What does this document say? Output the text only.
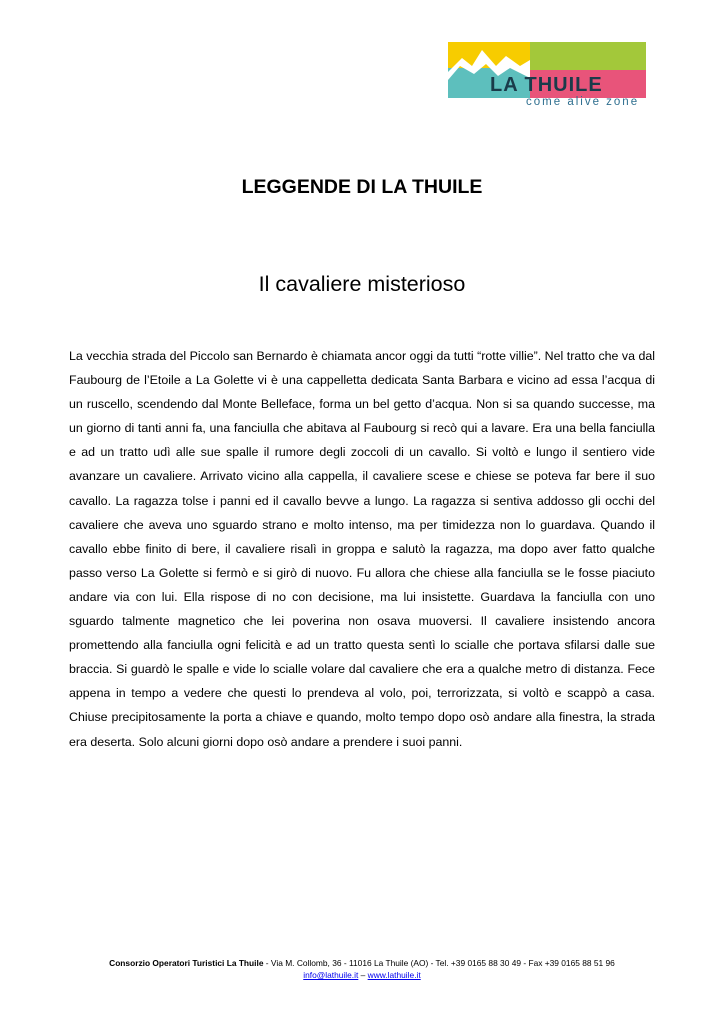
LA THUILE
come alive zone
LEGGENDE DI LA THUILE
Il cavaliere misterioso
La vecchia strada del Piccolo san Bernardo è chiamata ancor oggi da tutti “rotte villie”. Nel tratto che va dal Faubourg de l’Etoile a La Golette vi è una cappelletta dedicata Santa Barbara e vicino ad essa l’acqua di un ruscello, scendendo dal Monte Belleface, forma un bel getto d’acqua. Non si sa quando successe, ma un giorno di tanti anni fa, una fanciulla che abitava al Faubourg si recò qui a lavare. Era una bella fanciulla e ad un tratto udì alle sue spalle il rumore degli zoccoli di un cavallo. Si voltò e lungo il sentiero vide avanzare un cavaliere. Arrivato vicino alla cappella, il cavaliere scese e chiese se poteva far bere il suo cavallo. La ragazza tolse i panni ed il cavallo bevve a lungo. La ragazza si sentiva addosso gli occhi del cavaliere che aveva uno sguardo strano e molto intenso, ma per timidezza non lo guardava. Quando il cavallo ebbe finito di bere, il cavaliere risalì in groppa e salutò la ragazza, ma dopo aver fatto qualche passo verso La Golette si fermò e si girò di nuovo. Fu allora che chiese alla fanciulla se le fosse piaciuto andare via con lui. Ella rispose di no con decisione, ma lui insistette. Guardava la fanciulla con uno sguardo talmente magnetico che lei poverina non osava muoversi. Il cavaliere insistendo ancora promettendo alla fanciulla ogni felicità e ad un tratto questa sentì lo scialle che portava sfilarsi dalle sue braccia. Si guardò le spalle e vide lo scialle volare dal cavaliere che era a qualche metro di distanza. Fece appena in tempo a vedere che questi lo prendeva al volo, poi, terrorizzata, si voltò e scappò a casa. Chiuse precipitosamente la porta a chiave e quando, molto tempo dopo osò andare alla finestra, la strada era deserta. Solo alcuni giorni dopo osò andare a prendere i suoi panni.
Consorzio Operatori Turistici La Thuile - Via M. Collomb, 36 - 11016 La Thuile (AO) - Tel. +39 0165 88 30 49 - Fax +39 0165 88 51 96
info@lathuile.it – www.lathuile.it
